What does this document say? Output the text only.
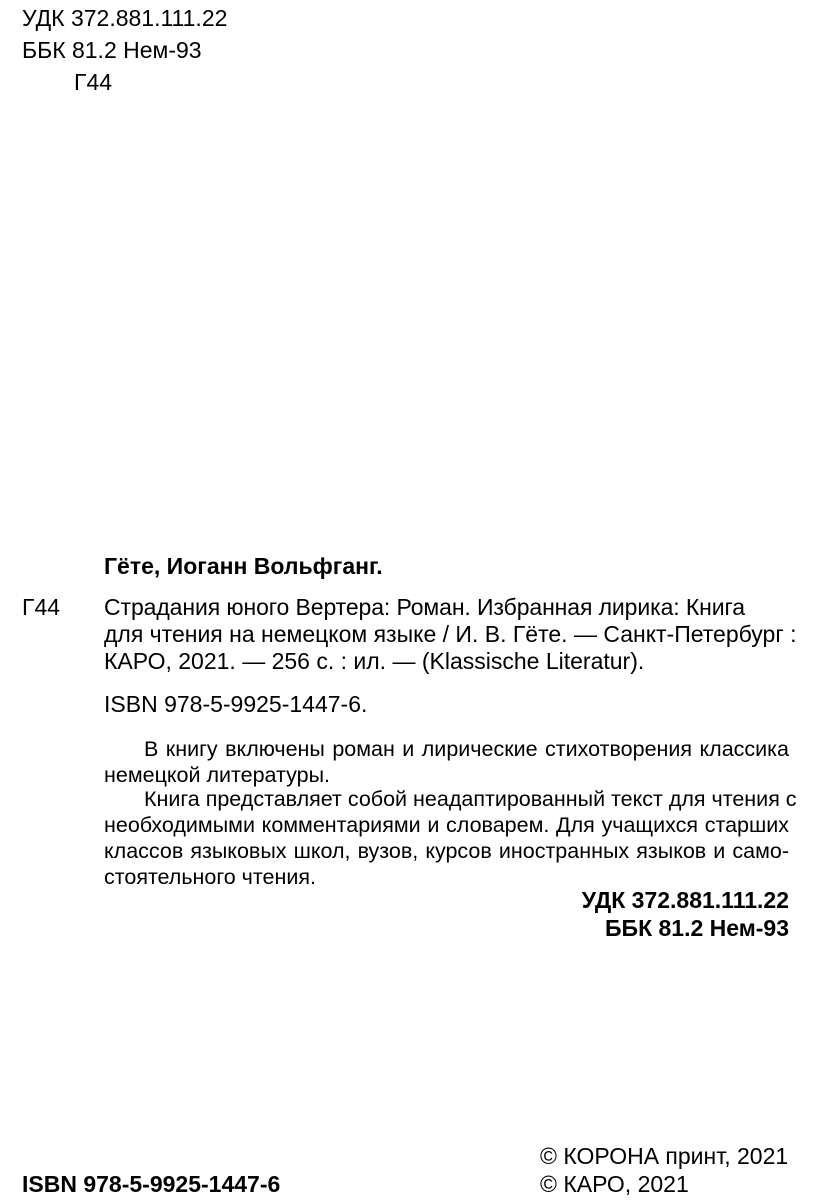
УДК 372.881.111.22
ББК 81.2 Нем-93
Г44
Гёте, Иоганн Вольфганг.
Г44 Страдания юного Вертера: Роман. Избранная лирика: Книга
для чтения на немецком языке / И. В. Гёте. — Санкт-Петербург :
КАРО, 2021. — 256 с. : ил. — (Klassische Literatur).
ISBN 978-5-9925-1447-6.
В книгу включены роман и лирические стихотворения классика
немецкой литературы.
Книга представляет собой неадаптированный текст для чтения с
необходимыми комментариями и словарем. Для учащихся старших
классов языковых школ, вузов, курсов иностранных языков и само-
стоятельного чтения.
УДК 372.881.111.22
ББК 81.2 Нем-93
ISBN 978-5-9925-1447-6
© КОРОНА принт, 2021
© КАРО, 2021
